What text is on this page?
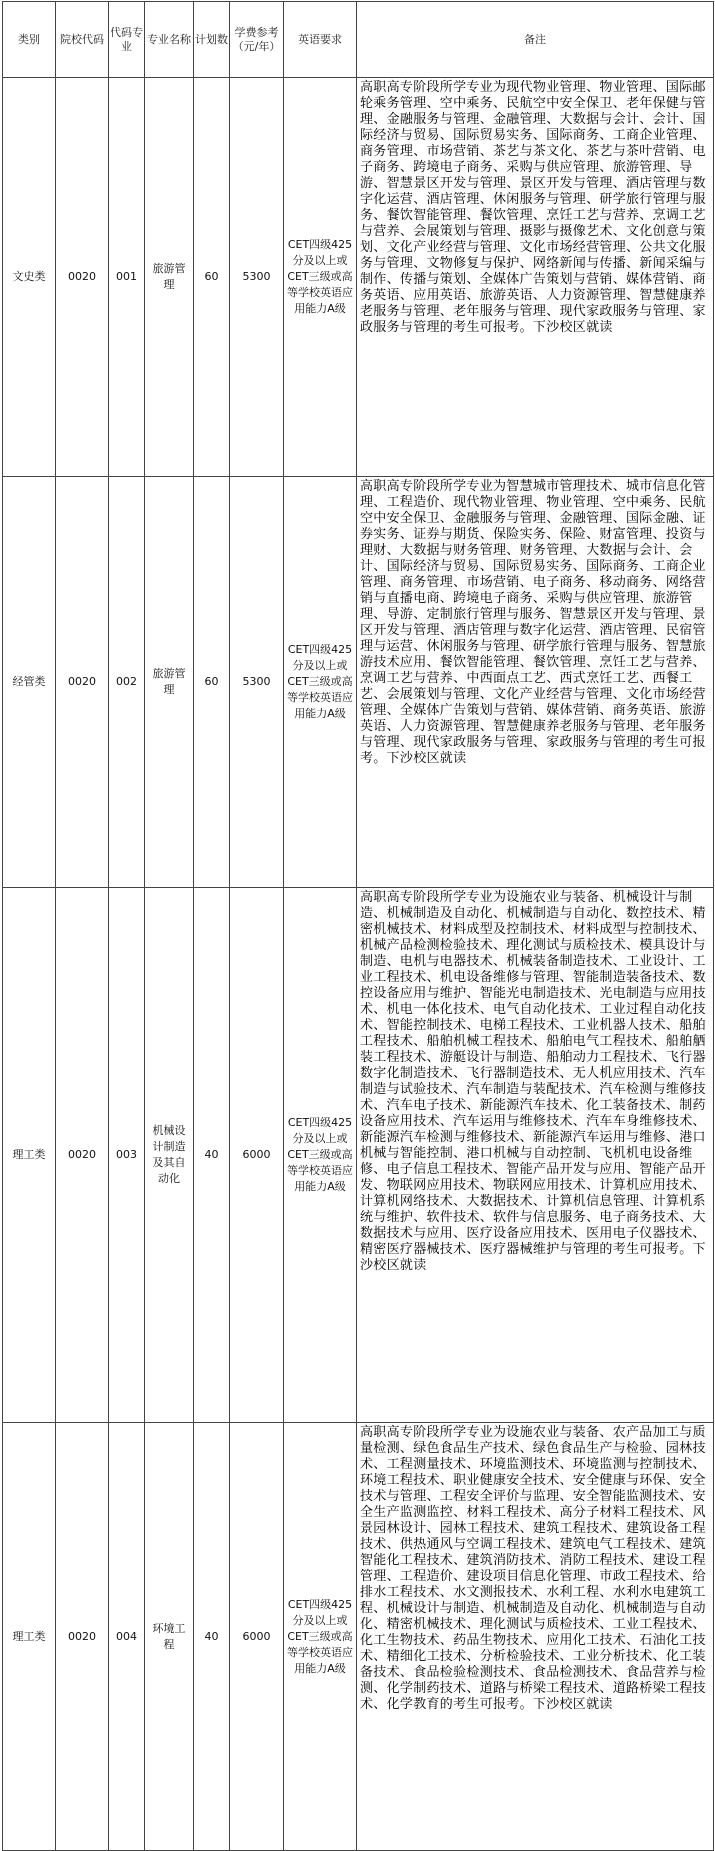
类别	院校代码	代码专业	专业名称	计划数	学费参考（元/年）	英语要求	备注
文史类	0020	001	旅游管理	60	5300	CET四级425分及以上或CET三级或高等学校英语应用能力A级	高职高专阶段所学专业为现代物业管理、物业管理、国际邮轮乘务管理、空中乘务、民航空中安全保卫、老年保健与管理、金融服务与管理、金融管理、大数据与会计、会计、国际经济与贸易、国际贸易实务、国际商务、工商企业管理、商务管理、市场营销、茶艺与茶文化、茶艺与茶叶营销、电子商务、跨境电子商务、采购与供应管理、旅游管理、导游、智慧景区开发与管理、景区开发与管理、酒店管理与数字化运营、酒店管理、休闲服务与管理、研学旅行管理与服务、餐饮智能管理、餐饮管理、烹饪工艺与营养、烹调工艺与营养、会展策划与管理、摄影与摄像艺术、文化创意与策划、文化产业经营与管理、文化市场经营管理、公共文化服务与管理、文物修复与保护、网络新闻与传播、新闻采编与制作、传播与策划、全媒体广告策划与营销、媒体营销、商务英语、应用英语、旅游英语、人力资源管理、智慧健康养老服务与管理、老年服务与管理、现代家政服务与管理、家政服务与管理的考生可报考。下沙校区就读
经管类	0020	002	旅游管理	60	5300	CET四级425分及以上或CET三级或高等学校英语应用能力A级	高职高专阶段所学专业为智慧城市管理技术、城市信息化管理、工程造价、现代物业管理、物业管理、空中乘务、民航空中安全保卫、金融服务与管理、金融管理、国际金融、证券实务、证券与期货、保险实务、保险、财富管理、投资与理财、大数据与财务管理、财务管理、大数据与会计、会计、国际经济与贸易、国际贸易实务、国际商务、工商企业管理、商务管理、市场营销、电子商务、移动商务、网络营销与直播电商、跨境电子商务、采购与供应管理、旅游管理、导游、定制旅行管理与服务、智慧景区开发与管理、景区开发与管理、酒店管理与数字化运营、酒店管理、民宿管理与运营、休闲服务与管理、研学旅行管理与服务、智慧旅游技术应用、餐饮智能管理、餐饮管理、烹饪工艺与营养、烹调工艺与营养、中西面点工艺、西式烹饪工艺、西餐工艺、会展策划与管理、文化产业经营与管理、文化市场经营管理、全媒体广告策划与营销、媒体营销、商务英语、旅游英语、人力资源管理、智慧健康养老服务与管理、老年服务与管理、现代家政服务与管理、家政服务与管理的考生可报考。下沙校区就读
理工类	0020	003	机械设计制造及其自动化	40	6000	CET四级425分及以上或CET三级或高等学校英语应用能力A级	高职高专阶段所学专业为设施农业与装备、机械设计与制造、机械制造及自动化、机械制造与自动化、数控技术、精密机械技术、材料成型及控制技术、材料成型与控制技术、机械产品检测检验技术、理化测试与质检技术、模具设计与制造、电机与电器技术、机械装备制造技术、工业设计、工业工程技术、机电设备维修与管理、智能制造装备技术、数控设备应用与维护、智能光电制造技术、光电制造与应用技术、机电一体化技术、电气自动化技术、工业过程自动化技术、智能控制技术、电梯工程技术、工业机器人技术、船舶工程技术、船舶机械工程技术、船舶电气工程技术、船舶舾装工程技术、游艇设计与制造、船舶动力工程技术、飞行器数字化制造技术、飞行器制造技术、无人机应用技术、汽车制造与试验技术、汽车制造与装配技术、汽车检测与维修技术、汽车电子技术、新能源汽车技术、化工装备技术、制药设备应用技术、汽车运用与维修技术、汽车车身维修技术、新能源汽车检测与维修技术、新能源汽车运用与维修、港口机械与智能控制、港口机械与自动控制、飞机机电设备维修、电子信息工程技术、智能产品开发与应用、智能产品开发、物联网应用技术、物联网应用技术、计算机应用技术、计算机网络技术、大数据技术、计算机信息管理、计算机系统与维护、软件技术、软件与信息服务、电子商务技术、大数据技术与应用、医疗设备应用技术、医用电子仪器技术、精密医疗器械技术、医疗器械维护与管理的考生可报考。下沙校区就读
理工类	0020	004	环境工程	40	6000	CET四级425分及以上或CET三级或高等学校英语应用能力A级	高职高专阶段所学专业为设施农业与装备、农产品加工与质量检测、绿色食品生产技术、绿色食品生产与检验、园林技术、工程测量技术、环境监测技术、环境监测与控制技术、环境工程技术、职业健康安全技术、安全健康与环保、安全技术与管理、工程安全评价与监理、安全智能监测技术、安全生产监测监控、材料工程技术、高分子材料工程技术、风景园林设计、园林工程技术、建筑工程技术、建筑设备工程技术、供热通风与空调工程技术、建筑电气工程技术、建筑智能化工程技术、建筑消防技术、消防工程技术、建设工程管理、工程造价、建设项目信息化管理、市政工程技术、给排水工程技术、水文测报技术、水利工程、水利水电建筑工程、机械设计与制造、机械制造及自动化、机械制造与自动化、精密机械技术、理化测试与质检技术、工业工程技术、化工生物技术、药品生物技术、应用化工技术、石油化工技术、精细化工技术、分析检验技术、工业分析技术、化工装备技术、食品检验检测技术、食品检测技术、食品营养与检测、化学制药技术、道路与桥梁工程技术、道路桥梁工程技术、化学教育的考生可报考。下沙校区就读
